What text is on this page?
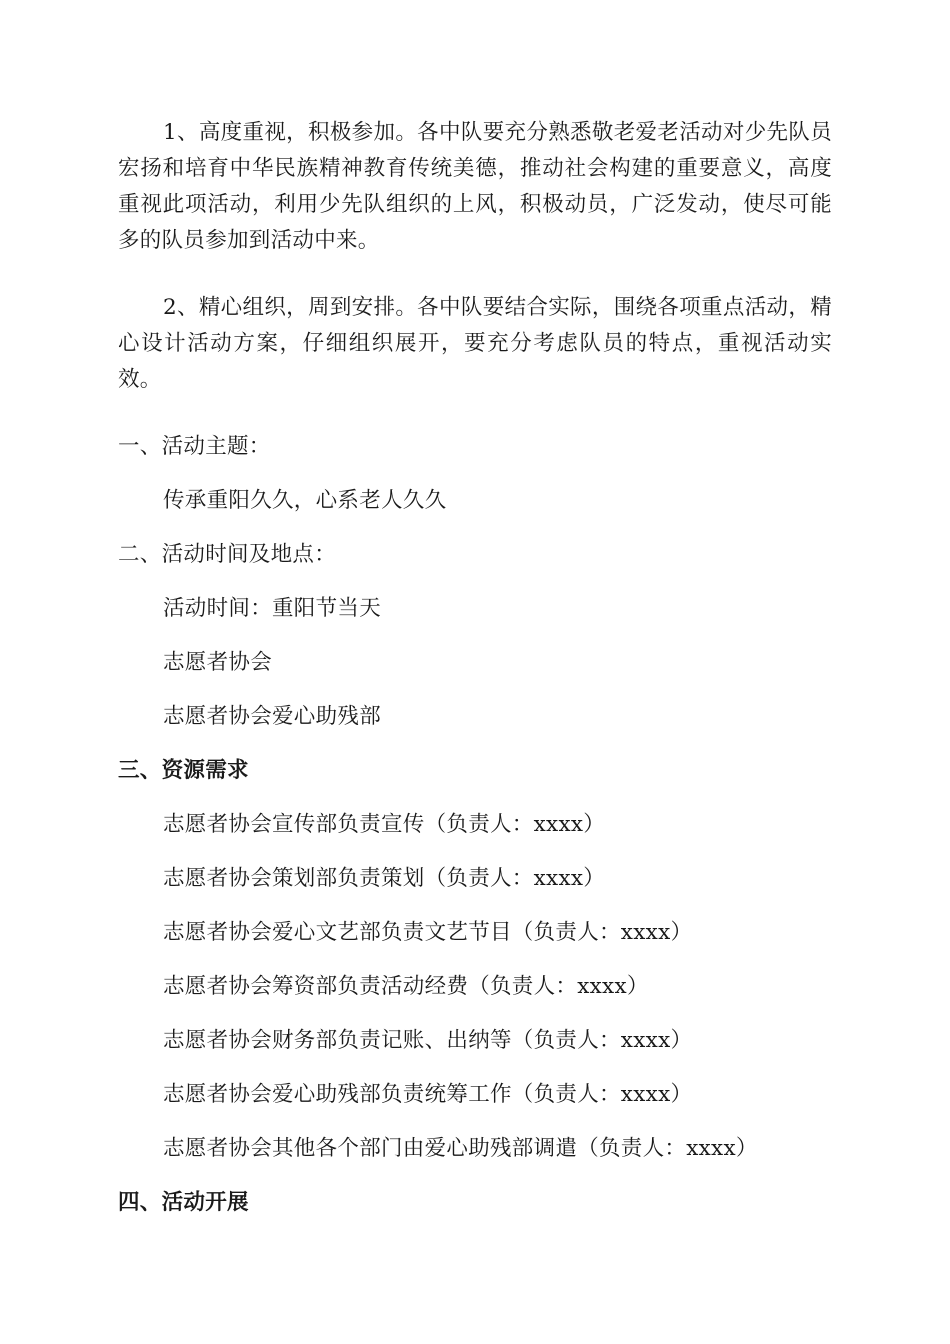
1、高度重视，积极参加。各中队要充分熟悉敬老爱老活动对少先队员宏扬和培育中华民族精神教育传统美德，推动社会构建的重要意义，高度重视此项活动，利用少先队组织的上风，积极动员，广泛发动，使尽可能多的队员参加到活动中来。

2、精心组织，周到安排。各中队要结合实际，围绕各项重点活动，精心设计活动方案，仔细组织展开，要充分考虑队员的特点，重视活动实效。

一、活动主题：
传承重阳久久，心系老人久久
二、活动时间及地点：
活动时间：重阳节当天
志愿者协会
志愿者协会爱心助残部
三、资源需求
志愿者协会宣传部负责宣传（负责人：xxxx）
志愿者协会策划部负责策划（负责人：xxxx）
志愿者协会爱心文艺部负责文艺节目（负责人：xxxx）
志愿者协会筹资部负责活动经费（负责人：xxxx）
志愿者协会财务部负责记账、出纳等（负责人：xxxx）
志愿者协会爱心助残部负责统筹工作（负责人：xxxx）
志愿者协会其他各个部门由爱心助残部调遣（负责人：xxxx）
四、活动开展
